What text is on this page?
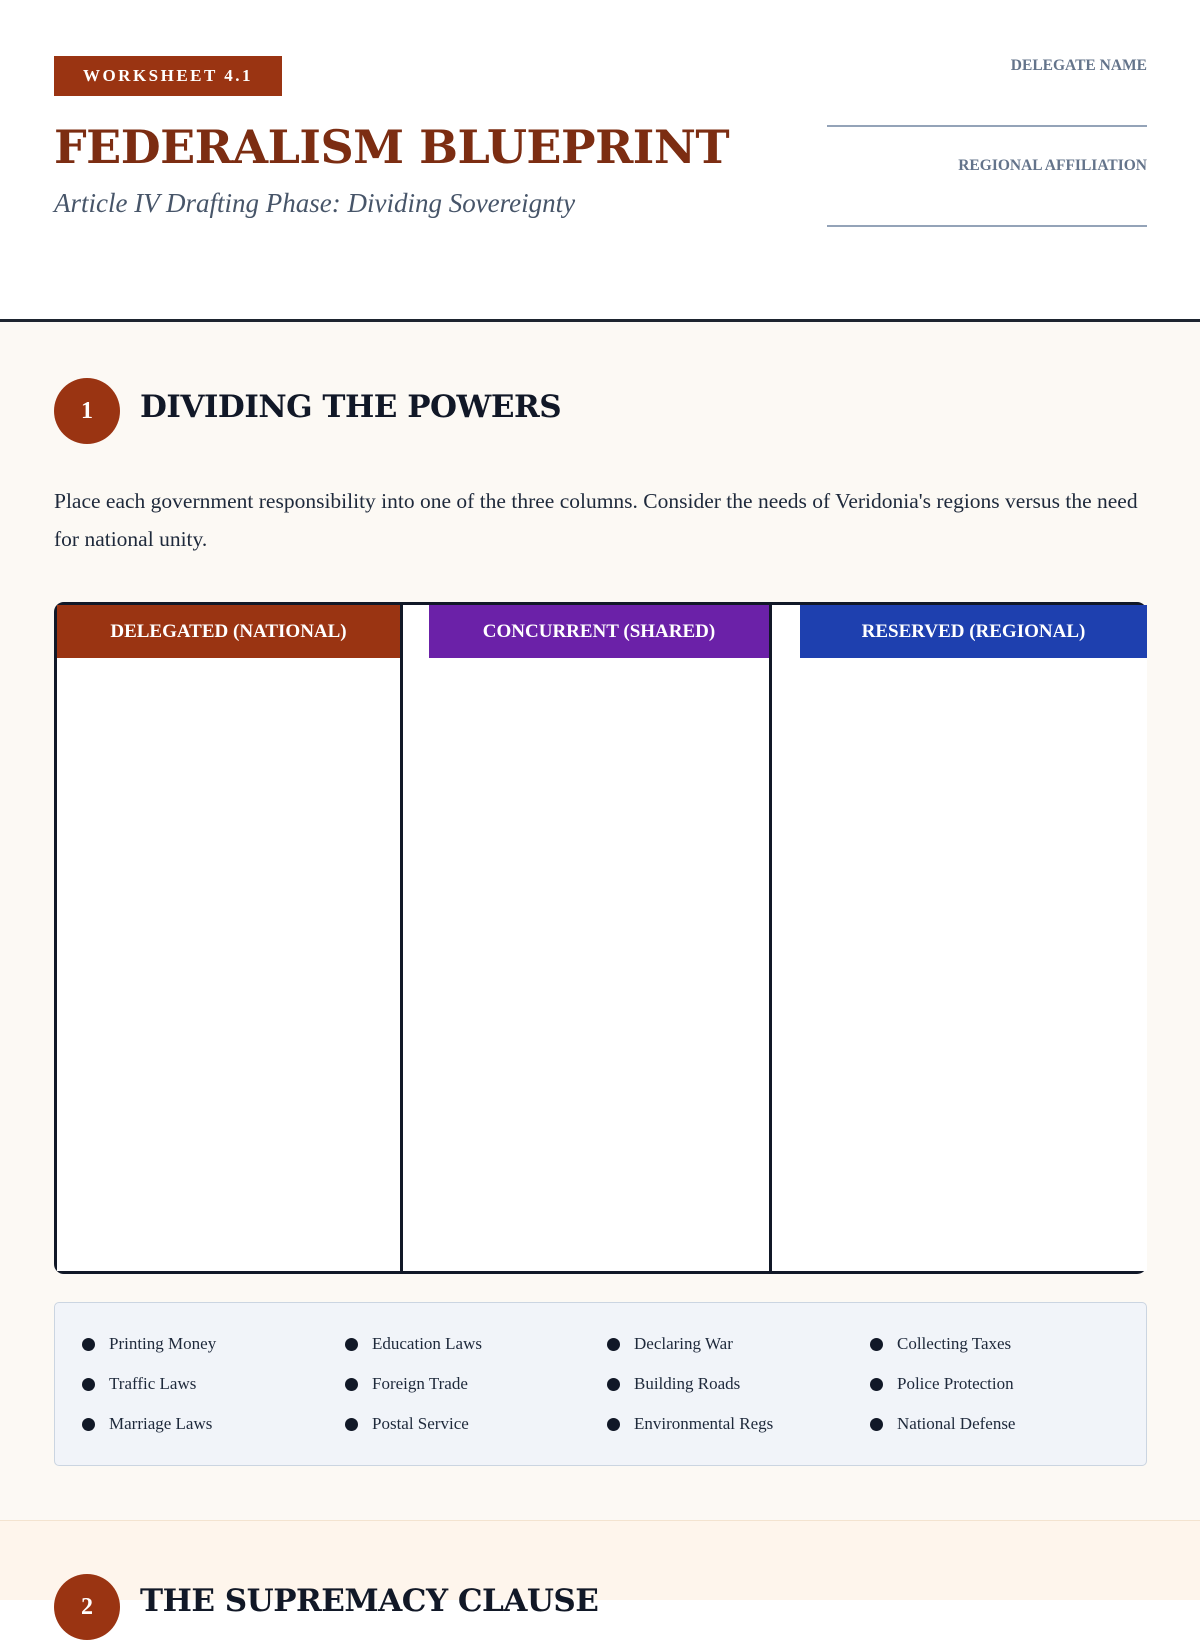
WORKSHEET 4.1
FEDERALISM BLUEPRINT
Article IV Drafting Phase: Dividing Sovereignty
DELEGATE NAME
REGIONAL AFFILIATION
1	DIVIDING THE POWERS
Place each government responsibility into one of the three columns. Consider the needs of Veridonia's regions versus the need for national unity.
DELEGATED (NATIONAL)	CONCURRENT (SHARED)	RESERVED (REGIONAL)
Printing Money	Education Laws	Declaring War	Collecting Taxes
Traffic Laws	Foreign Trade	Building Roads	Police Protection
Marriage Laws	Postal Service	Environmental Regs	National Defense
2	THE SUPREMACY CLAUSE
